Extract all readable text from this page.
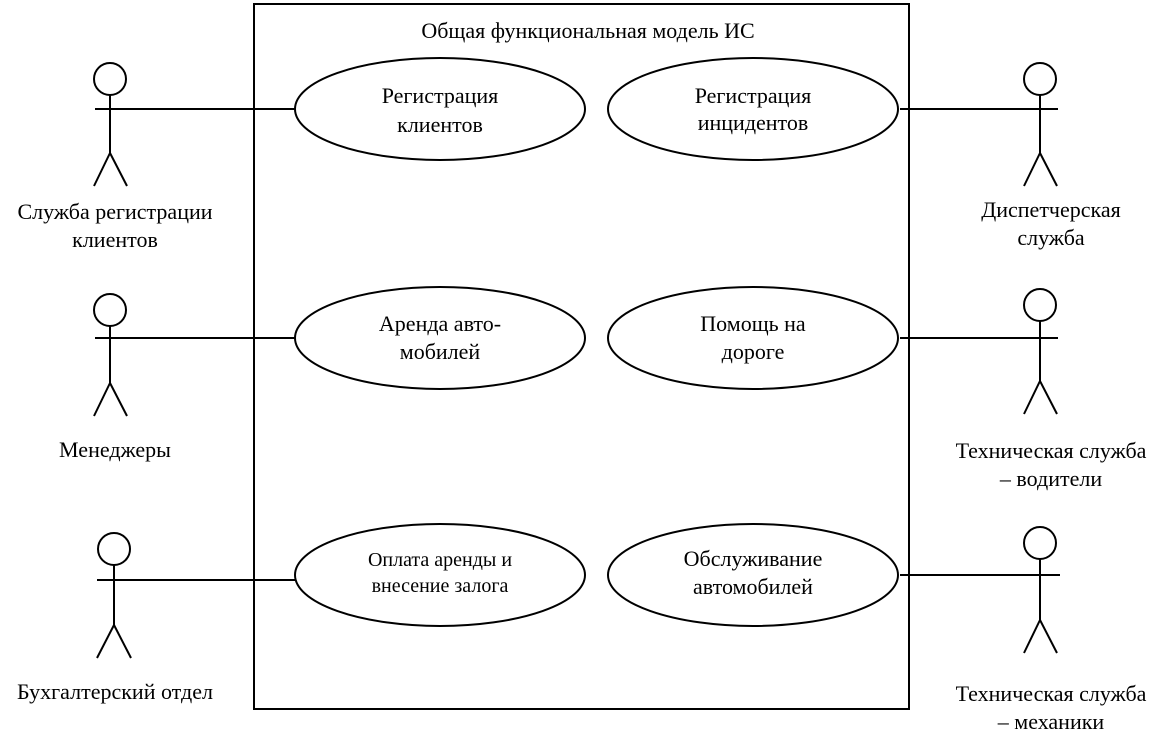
Общая функциональная модель ИС
Регистрация
клиентов
Регистрация
инцидентов
Аренда авто-
мобилей
Помощь на
дороге
Оплата аренды и
внесение залога
Обслуживание
автомобилей
Служба регистрации
клиентов
Менеджеры
Бухгалтерский отдел
Диспетчерская
служба
Техническая служба
– водители
Техническая служба
– механики
